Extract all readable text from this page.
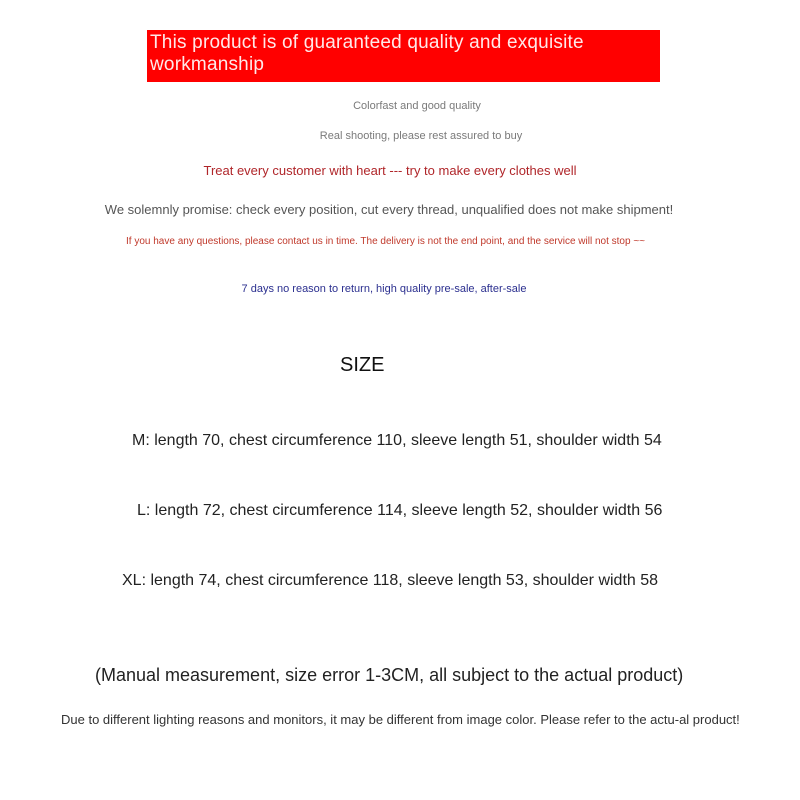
This product is of guaranteed quality and exquisite workmanship
Colorfast and good quality
Real shooting, please rest assured to buy
Treat every customer with heart --- try to make every clothes well
We solemnly promise: check every position, cut every thread, unqualified does not make shipment!
If you have any questions, please contact us in time. The delivery is not the end point, and the service will not stop ~~
7 days no reason to return, high quality pre-sale, after-sale
SIZE
M: length 70, chest circumference 110, sleeve length 51, shoulder width 54
L: length 72, chest circumference 114, sleeve length 52, shoulder width 56
XL: length 74, chest circumference 118, sleeve length 53, shoulder width 58
(Manual measurement, size error 1-3CM, all subject to the actual product)
Due to different lighting reasons and monitors, it may be different from image color. Please refer to the actu-al product!
